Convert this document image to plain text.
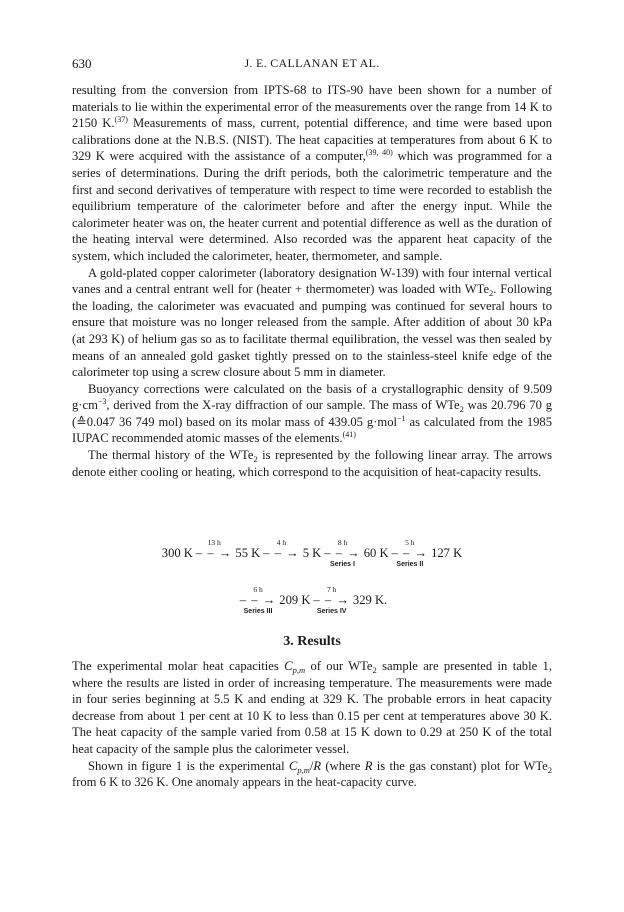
630	J. E. CALLANAN ET AL.

resulting from the conversion from IPTS-68 to ITS-90 have been shown for a number of materials to lie within the experimental error of the measurements over the range from 14 K to 2150 K.$^{(37)}$ Measurements of mass, current, potential difference, and time were based upon calibrations done at the N.B.S. (NIST). The heat capacities at temperatures from about 6 K to 329 K were acquired with the assistance of a computer,$^{(39, 40)}$ which was programmed for a series of determinations. During the drift periods, both the calorimetric temperature and the first and second derivatives of temperature with respect to time were recorded to establish the equilibrium temperature of the calorimeter before and after the energy input. While the calorimeter heater was on, the heater current and potential difference as well as the duration of the heating interval were determined. Also recorded was the apparent heat capacity of the system, which included the calorimeter, heater, thermometer, and sample.

A gold-plated copper calorimeter (laboratory designation W-139) with four internal vertical vanes and a central entrant well for (heater + thermometer) was loaded with WTe$_2$. Following the loading, the calorimeter was evacuated and pumping was continued for several hours to ensure that moisture was no longer released from the sample. After addition of about 30 kPa (at 293 K) of helium gas so as to facilitate thermal equilibration, the vessel was then sealed by means of an annealed gold gasket tightly pressed on to the stainless-steel knife edge of the calorimeter top using a screw closure about 5 mm in diameter.

Buoyancy corrections were calculated on the basis of a crystallographic density of 9.509 $g\cdot cm^{-3}$, derived from the X-ray diffraction of our sample. The mass of WTe$_2$ was 20.796 70 g (≙0.047 36 749 mol) based on its molar mass of 439.05 g·mol$^{-1}$ as calculated from the 1985 IUPAC recommended atomic masses of the elements.$^{(41)}$

The thermal history of the WTe$_2$ is represented by the following linear array. The arrows denote either cooling or heating, which correspond to the acquisition of heat-capacity results.

300 K
13 h
– – → 55 K
4 h
– – → 5 K
8 h
– – →
Series I
60 K
5 h
– – →
Series II
127 K
6 h
– – →
Series III
209 K
7 h
– – →
Series IV
329 K.
3. Results

The experimental molar heat capacities $C_{p,m}$ of our WTe$_2$ sample are presented in table 1, where the results are listed in order of increasing temperature. The measurements were made in four series beginning at 5.5 K and ending at 329 K. The probable errors in heat capacity decrease from about 1 per cent at 10 K to less than 0.15 per cent at temperatures above 30 K. The heat capacity of the sample varied from 0.58 at 15 K down to 0.29 at 250 K of the total heat capacity of the sample plus the calorimeter vessel.

Shown in figure 1 is the experimental $C_{p,m}/R$ (where R is the gas constant) plot for WTe$_2$ from 6 K to 326 K. One anomaly appears in the heat-capacity curve.
